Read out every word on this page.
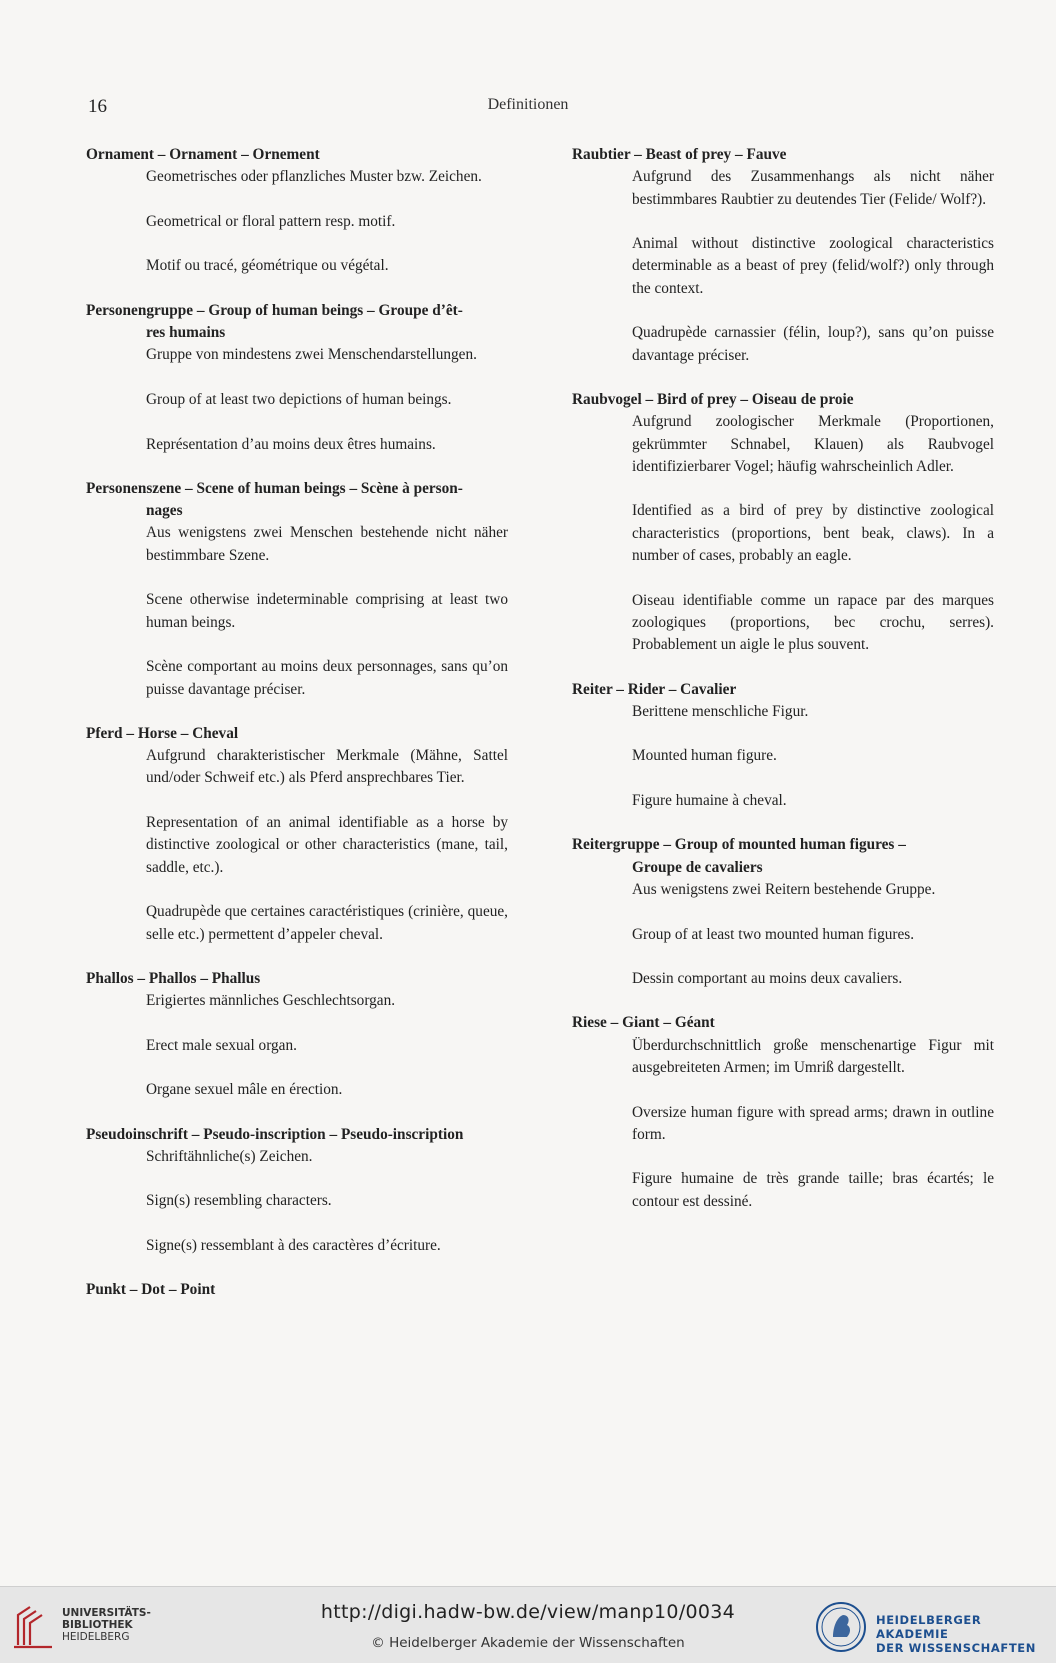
16	Definitionen
Ornament – Ornament – Ornement

Geometrisches oder pflanzliches Muster bzw. Zeichen.

Geometrical or floral pattern resp. motif.

Motif ou tracé, géométrique ou végétal.

Personengruppe – Group of human beings – Groupe d’êt-

res humains

Gruppe von mindestens zwei Menschendarstellungen.

Group of at least two depictions of human beings.

Représentation d’au moins deux êtres humains.

Personenszene – Scene of human beings – Scène à person-

nages

Aus wenigstens zwei Menschen bestehende nicht näher bestimmbare Szene.

Scene otherwise indeterminable comprising at least two human beings.

Scène comportant au moins deux personnages, sans qu’on puisse davantage préciser.

Pferd – Horse – Cheval

Aufgrund charakteristischer Merkmale (Mähne, Sattel und/oder Schweif etc.) als Pferd ansprechbares Tier.

Representation of an animal identifiable as a horse by distinctive zoological or other characteristics (mane, tail, saddle, etc.).

Quadrupède que certaines caractéristiques (crinière, queue, selle etc.) permettent d’appeler cheval.

Phallos – Phallos – Phallus

Erigiertes männliches Geschlechtsorgan.

Erect male sexual organ.

Organe sexuel mâle en érection.

Pseudoinschrift – Pseudo-inscription – Pseudo-inscription

Schriftähnliche(s) Zeichen.

Sign(s) resembling characters.

Signe(s) ressemblant à des caractères d’écriture.

Punkt – Dot – Point
Raubtier – Beast of prey – Fauve

Aufgrund des Zusammenhangs als nicht näher bestimmbares Raubtier zu deutendes Tier (Felide/ Wolf?).

Animal without distinctive zoological characteristics determinable as a beast of prey (felid/wolf?) only through the context.

Quadrupède carnassier (félin, loup?), sans qu’on puisse davantage préciser.

Raubvogel – Bird of prey – Oiseau de proie

Aufgrund zoologischer Merkmale (Proportionen, gekrümmter Schnabel, Klauen) als Raubvogel identifizierbarer Vogel; häufig wahrscheinlich Adler.

Identified as a bird of prey by distinctive zoological characteristics (proportions, bent beak, claws). In a number of cases, probably an eagle.

Oiseau identifiable comme un rapace par des marques zoologiques (proportions, bec crochu, serres). Probablement un aigle le plus souvent.

Reiter – Rider – Cavalier

Berittene menschliche Figur.

Mounted human figure.

Figure humaine à cheval.

Reitergruppe – Group of mounted human figures –

Groupe de cavaliers

Aus wenigstens zwei Reitern bestehende Gruppe.

Group of at least two mounted human figures.

Dessin comportant au moins deux cavaliers.

Riese – Giant – Géant

Überdurchschnittlich große menschenartige Figur mit ausgebreiteten Armen; im Umriß dargestellt.

Oversize human figure with spread arms; drawn in outline form.

Figure humaine de très grande taille; bras écartés; le contour est dessiné.

UNIVERSITÄTS-
BIBLIOTHEK
HEIDELBERG
http://digi.hadw-bw.de/view/manp10/0034
© Heidelberger Akademie der Wissenschaften
HEIDELBERGER AKADEMIE
DER WISSENSCHAFTEN
